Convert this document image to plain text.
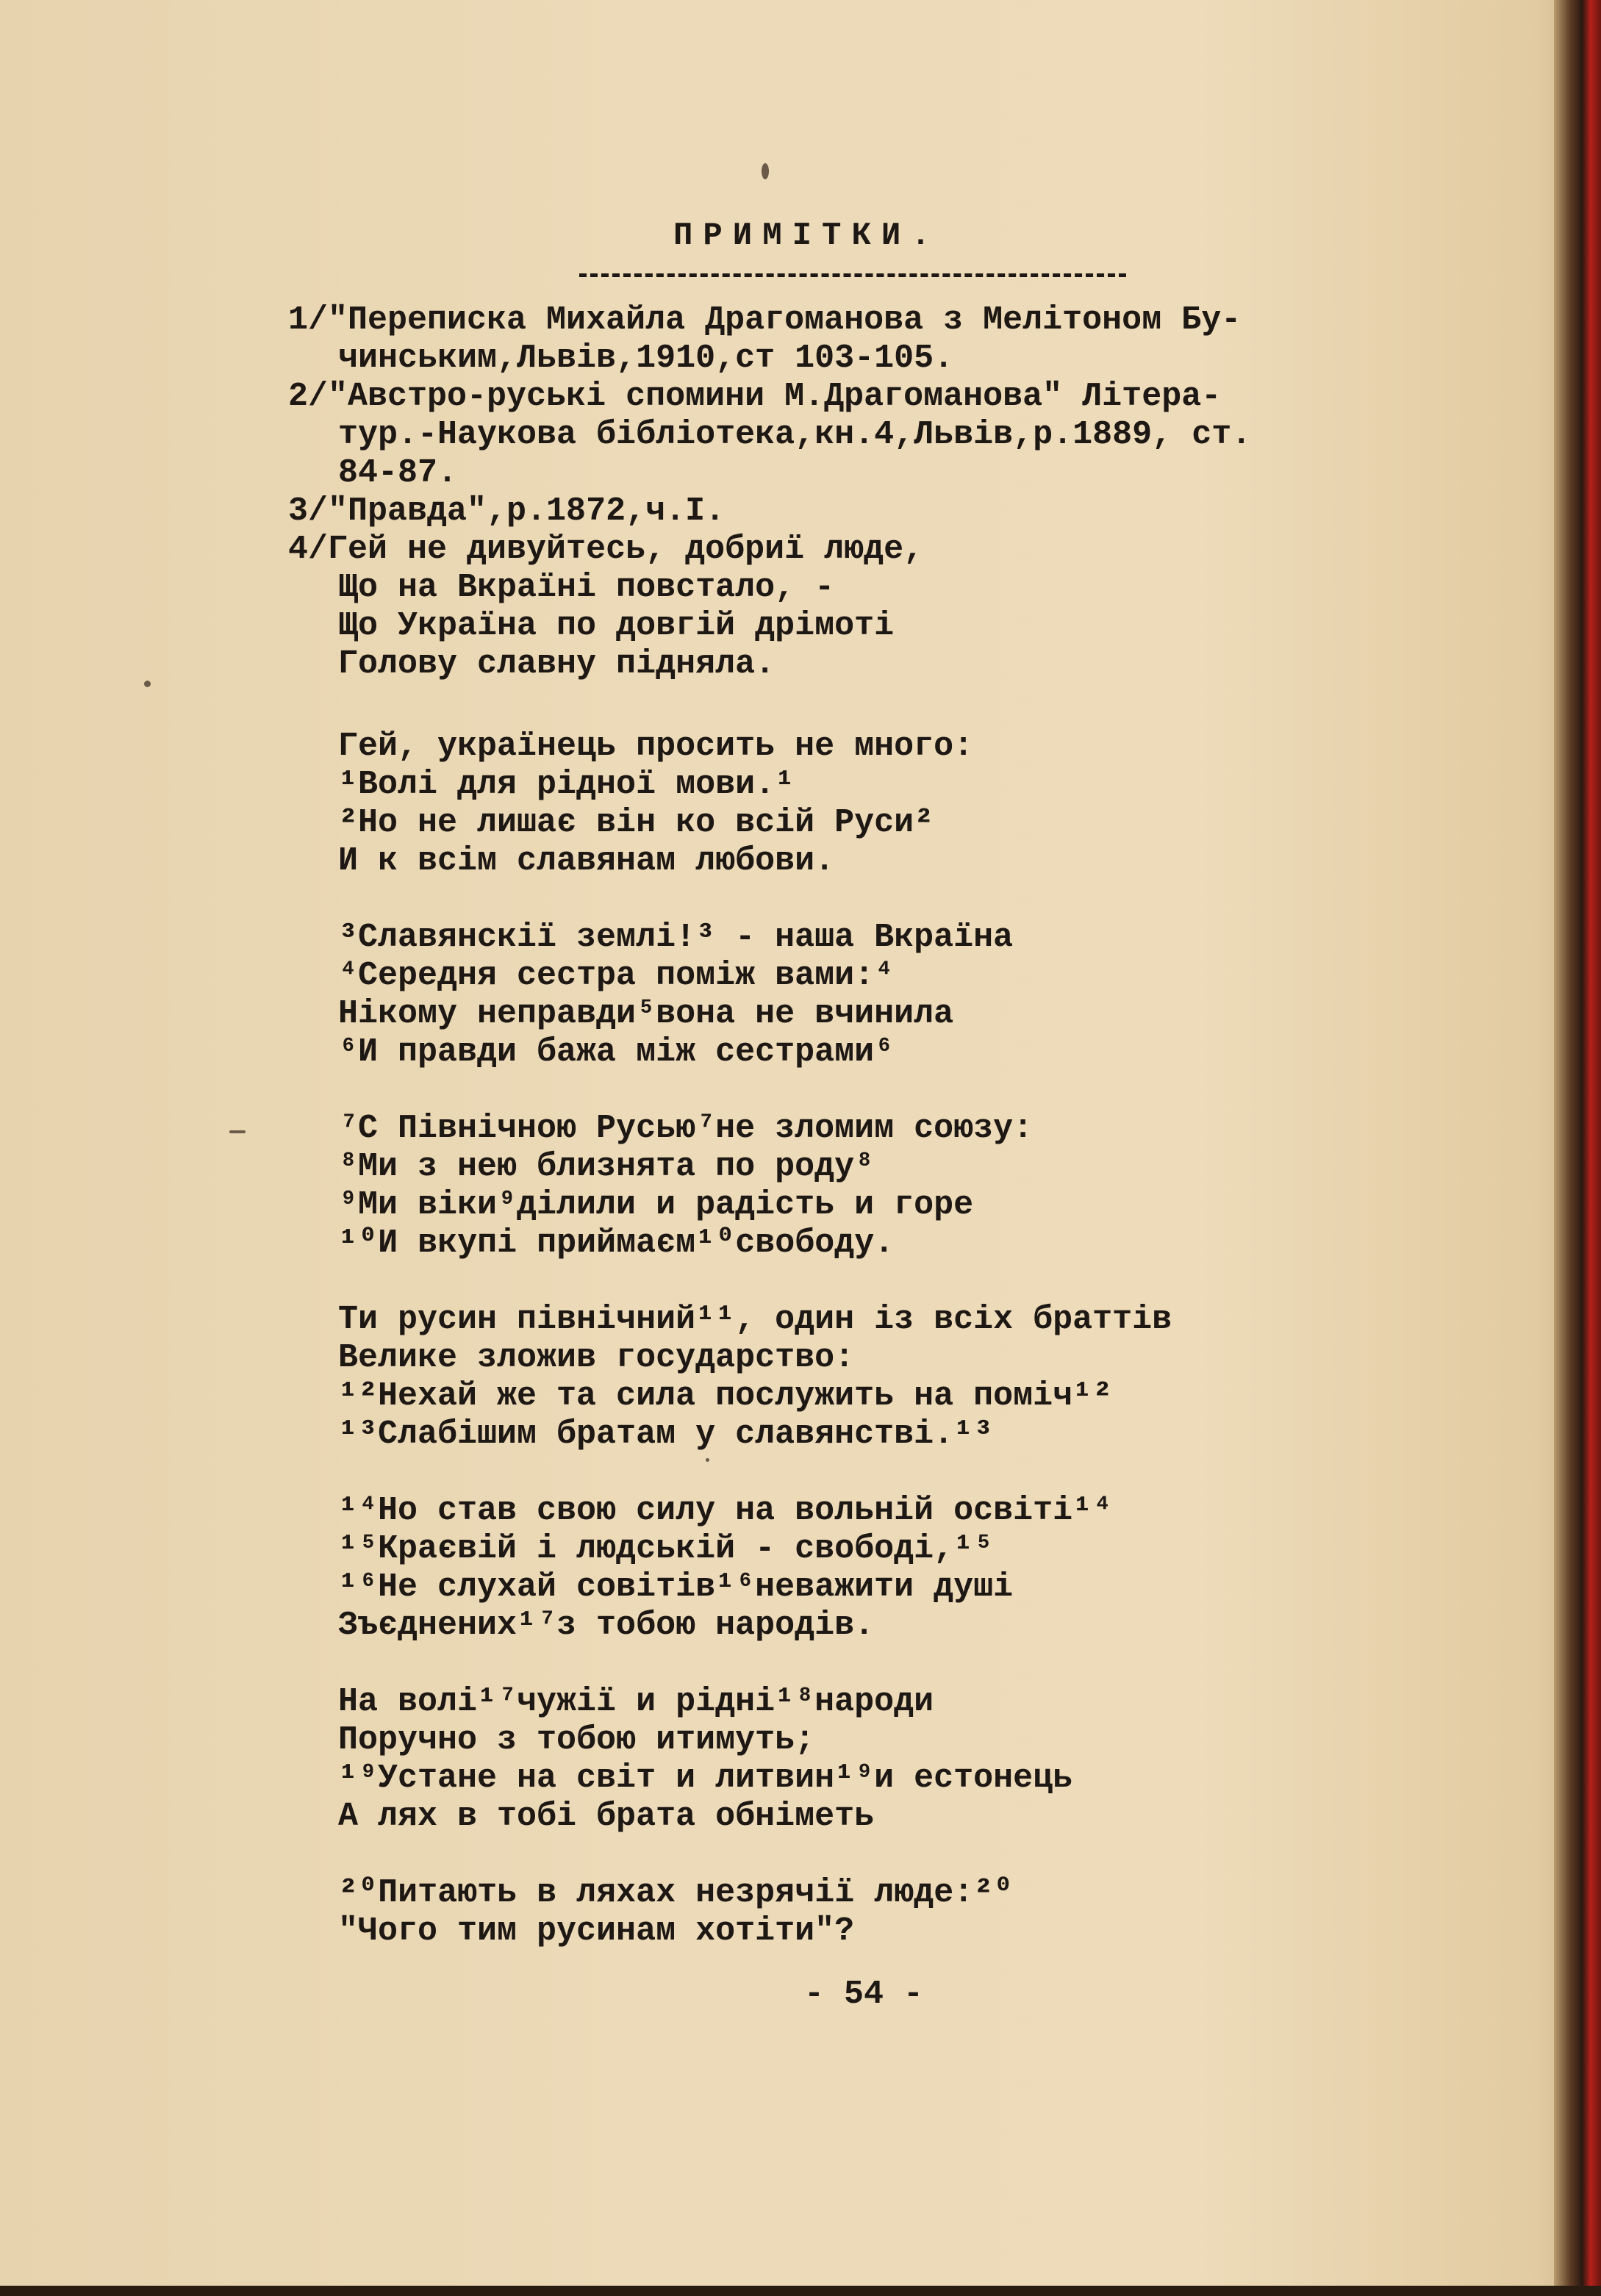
ПРИМІТКИ.
1/"Переписка Михайла Драгоманова з Мелітоном Бу-
чинським,Львів,1910,ст 103-105.
2/"Австро-руські спомини М.Драгоманова" Літера-
тур.-Наукова бібліотека,кн.4,Львів,р.1889, ст.
84-87.
3/"Правда",р.1872,ч.I.
4/Гей не дивуйтесь, добриї люде,
Що на Вкраїні повстало, -
Що Україна по довгій дрімоті
Голову славну підняла.
Гей, українець просить не много:
¹Волі для рідної мови.¹
²Но не лишає він ко всій Руси²
И к всім славянам любови.
³Славянскії землі!³ - наша Вкраїна
⁴Середня сестра поміж вами:⁴
Нікому неправди⁵вона не вчинила
⁶И правди бажа між сестрами⁶
⁷С Північною Русью⁷не зломим союзу:
⁸Ми з нею близнята по роду⁸
⁹Ми віки⁹ділили и радість и горе
¹⁰И вкупі приймаєм¹⁰свободу.
Ти русин північний¹¹, один із всіх браттів
Велике зложив государство:
¹²Нехай же та сила послужить на поміч¹²
¹³Слабішим братам у славянстві.¹³
¹⁴Но став свою силу на вольній освіті¹⁴
¹⁵Краєвій і людській - свободі,¹⁵
¹⁶Не слухай совітів¹⁶неважити душі
Зъєднених¹⁷з тобою народів.
На волі¹⁷чужії и рідні¹⁸народи
Поручно з тобою итимуть;
¹⁹Устане на світ и литвин¹⁹и естонець
А лях в тобі брата обніметь
²⁰Питають в ляхах незрячії люде:²⁰
"Чого тим русинам хотіти"?
- 54 -
